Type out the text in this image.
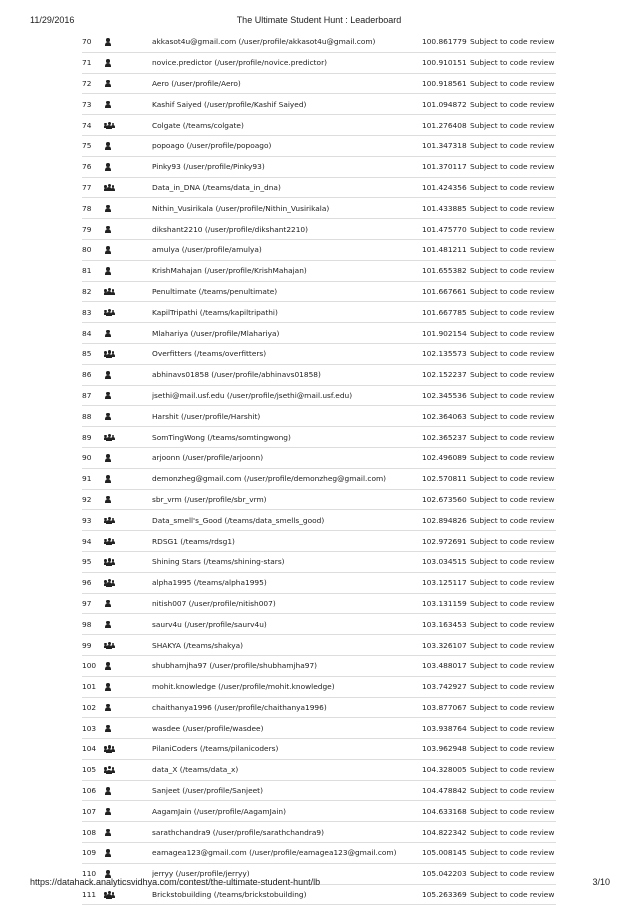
11/29/2016	The Ultimate Student Hunt : Leaderboard
70		akkasot4u@gmail.com (/user/profile/akkasot4u@gmail.com)	100.861779	Subject to code review
71		novice.predictor (/user/profile/novice.predictor)	100.910151	Subject to code review
72		Aero (/user/profile/Aero)	100.918561	Subject to code review
73		Kashif Saiyed (/user/profile/Kashif Saiyed)	101.094872	Subject to code review
74		Colgate (/teams/colgate)	101.276408	Subject to code review
75		popoago (/user/profile/popoago)	101.347318	Subject to code review
76		Pinky93 (/user/profile/Pinky93)	101.370117	Subject to code review
77		Data_in_DNA (/teams/data_in_dna)	101.424356	Subject to code review
78		Nithin_Vusirikala (/user/profile/Nithin_Vusirikala)	101.433885	Subject to code review
79		dikshant2210 (/user/profile/dikshant2210)	101.475770	Subject to code review
80		amulya (/user/profile/amulya)	101.481211	Subject to code review
81		KrishMahajan (/user/profile/KrishMahajan)	101.655382	Subject to code review
82		Penultimate (/teams/penultimate)	101.667661	Subject to code review
83		KapilTripathi (/teams/kapiltripathi)	101.667785	Subject to code review
84		Mlahariya (/user/profile/Mlahariya)	101.902154	Subject to code review
85		Overfitters (/teams/overfitters)	102.135573	Subject to code review
86		abhinavs01858 (/user/profile/abhinavs01858)	102.152237	Subject to code review
87		jsethi@mail.usf.edu (/user/profile/jsethi@mail.usf.edu)	102.345536	Subject to code review
88		Harshit (/user/profile/Harshit)	102.364063	Subject to code review
89		SomTingWong (/teams/somtingwong)	102.365237	Subject to code review
90		arjoonn (/user/profile/arjoonn)	102.496089	Subject to code review
91		demonzheg@gmail.com (/user/profile/demonzheg@gmail.com)	102.570811	Subject to code review
92		sbr_vrm (/user/profile/sbr_vrm)	102.673560	Subject to code review
93		Data_smell's_Good (/teams/data_smells_good)	102.894826	Subject to code review
94		RDSG1 (/teams/rdsg1)	102.972691	Subject to code review
95		Shining Stars (/teams/shining-stars)	103.034515	Subject to code review
96		alpha1995 (/teams/alpha1995)	103.125117	Subject to code review
97		nitish007 (/user/profile/nitish007)	103.131159	Subject to code review
98		saurv4u (/user/profile/saurv4u)	103.163453	Subject to code review
99		SHAKYA (/teams/shakya)	103.326107	Subject to code review
100		shubhamjha97 (/user/profile/shubhamjha97)	103.488017	Subject to code review
101		mohit.knowledge (/user/profile/mohit.knowledge)	103.742927	Subject to code review
102		chaithanya1996 (/user/profile/chaithanya1996)	103.877067	Subject to code review
103		wasdee (/user/profile/wasdee)	103.938764	Subject to code review
104		PilaniCoders (/teams/pilanicoders)	103.962948	Subject to code review
105		data_X (/teams/data_x)	104.328005	Subject to code review
106		Sanjeet (/user/profile/Sanjeet)	104.478842	Subject to code review
107		AagamJain (/user/profile/AagamJain)	104.633168	Subject to code review
108		sarathchandra9 (/user/profile/sarathchandra9)	104.822342	Subject to code review
109		eamagea123@gmail.com (/user/profile/eamagea123@gmail.com)	105.008145	Subject to code review
110		jerryy (/user/profile/jerryy)	105.042203	Subject to code review
111		Brickstobuilding (/teams/brickstobuilding)	105.263369	Subject to code review
https://datahack.analyticsvidhya.com/contest/the-ultimate-student-hunt/lb	3/10
